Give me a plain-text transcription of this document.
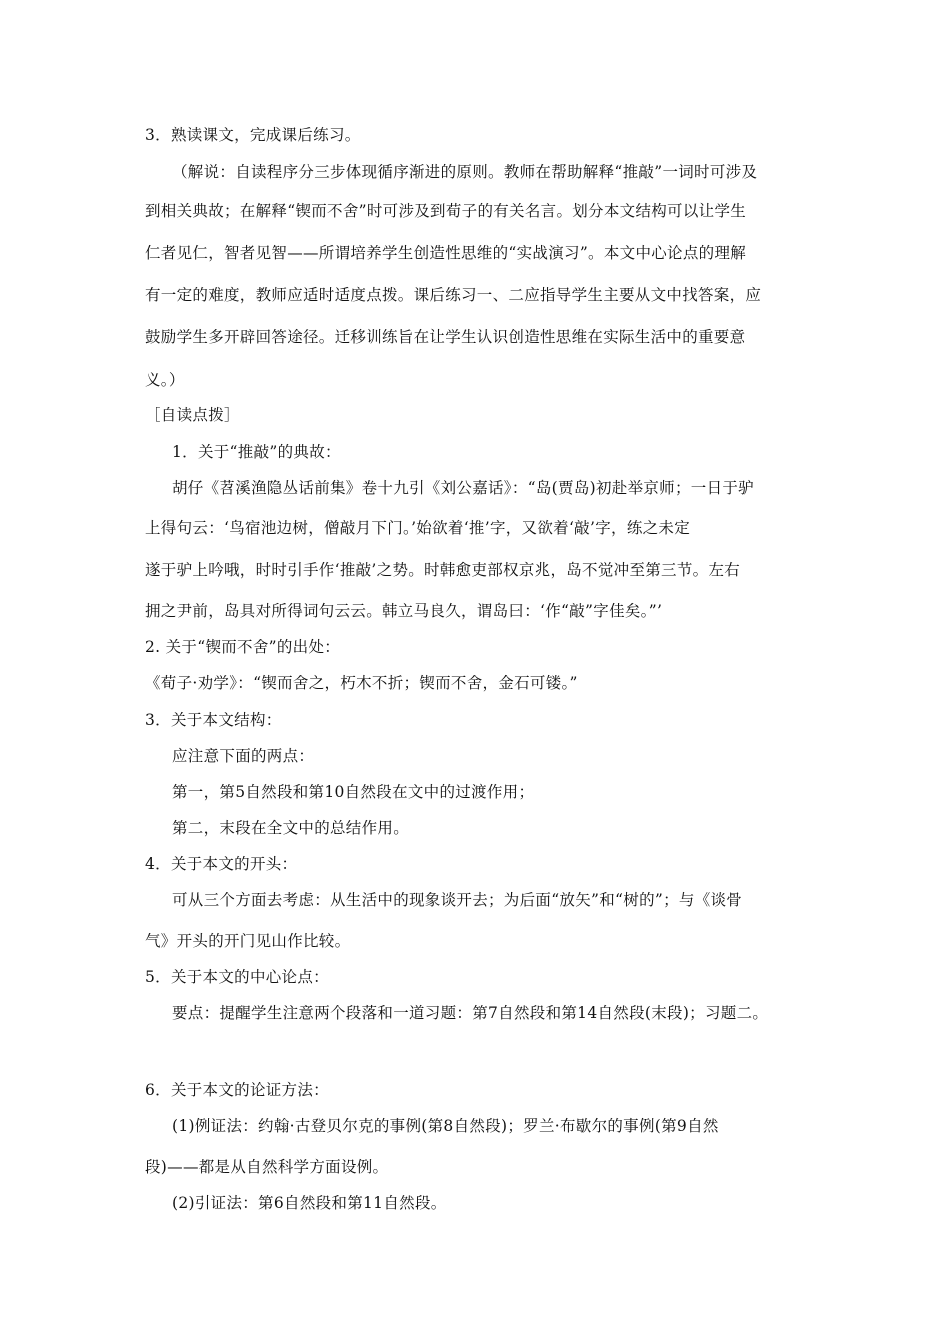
3．熟读课文，完成课后练习。
（解说：自读程序分三步体现循序渐进的原则。教师在帮助解释“推敲”一词时可涉及
到相关典故；在解释“锲而不舍”时可涉及到荀子的有关名言。划分本文结构可以让学生
仁者见仁，智者见智——所谓培养学生创造性思维的“实战演习”。本文中心论点的理解
有一定的难度，教师应适时适度点拨。课后练习一、二应指导学生主要从文中找答案，应
鼓励学生多开辟回答途径。迁移训练旨在让学生认识创造性思维在实际生活中的重要意
义。）
［自读点拨］
1．关于“推敲”的典故：
胡仔《苕溪渔隐丛话前集》卷十九引《刘公嘉话》：“岛(贾岛)初赴举京师；一日于驴
上得句云：‘鸟宿池边树，僧敲月下门。’始欲着‘推’字，又欲着‘敲’字，练之未定
遂于驴上吟哦，时时引手作‘推敲’之势。时韩愈吏部权京兆，岛不觉冲至第三节。左右
拥之尹前，岛具对所得词句云云。韩立马良久，谓岛曰：‘作“敲”字佳矣。”’
2. 关于“锲而不舍”的出处：
《荀子·劝学》：“锲而舍之，朽木不折；锲而不舍，金石可镂。”
3．关于本文结构：
应注意下面的两点：
第一，第5自然段和第10自然段在文中的过渡作用；
第二，末段在全文中的总结作用。
4．关于本文的开头：
可从三个方面去考虑：从生活中的现象谈开去；为后面“放矢”和“树的”；与《谈骨
气》开头的开门见山作比较。
5．关于本文的中心论点：
要点：提醒学生注意两个段落和一道习题：第7自然段和第14自然段(末段)；习题二。
6．关于本文的论证方法：
(1)例证法：约翰·古登贝尔克的事例(第8自然段)；罗兰·布歇尔的事例(第9自然
段)——都是从自然科学方面设例。
(2)引证法：第6自然段和第11自然段。
